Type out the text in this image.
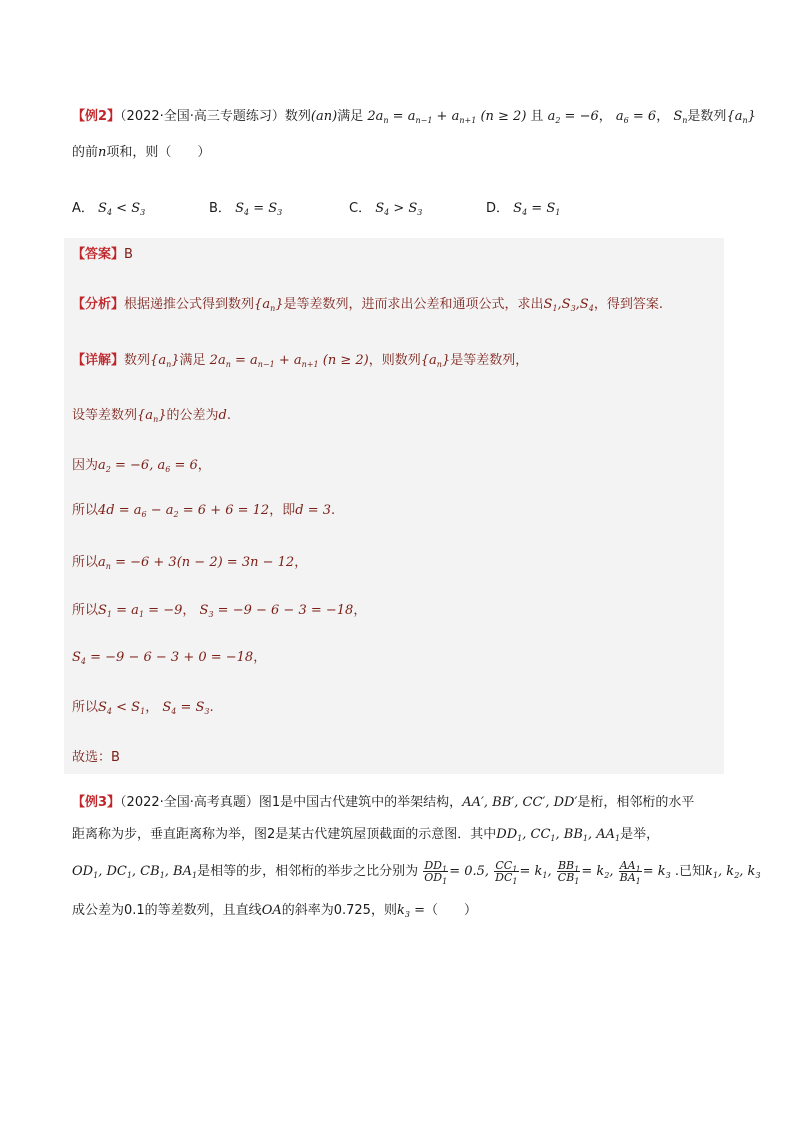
【例2】（2022·全国·高三专题练习）数列(an)满足 $2a_n = a_{n-1} + a_{n+1}$ (n ≥ 2) 且 $a_2 = -6$， $a_6 = 6$， $S_n$是数列$\{a_n\}$
的前n项和，则（　　）
A． $S_4 < S_3$	B． $S_4 = S_3$	C． $S_4 > S_3$	D． $S_4 = S_1$
【答案】B
【分析】根据递推公式得到数列$\{a_n\}$是等差数列，进而求出公差和通项公式，求出$S_1,S_3,S_4$，得到答案.
【详解】数列$\{a_n\}$满足 $2a_n = a_{n-1} + a_{n+1}$ (n ≥ 2)，则数列$\{a_n\}$是等差数列，
设等差数列$\{a_n\}$的公差为d.
因为$a_2 = -6$, $a_6 = 6$，
所以$4d = a_6 - a_2 = 6 + 6 = 12$，即d = 3.
所以$a_n = -6 + 3(n - 2) = 3n - 12$，
所以$S_1 = a_1 = -9$， $S_3 = -9 - 6 - 3 = -18$，
$S_4 = -9 - 6 - 3 + 0 = -18$，
所以$S_4 < S_1$， $S_4 = S_3$.
故选：B
【例3】（2022·全国·高考真题）图1是中国古代建筑中的举架结构，AA′, BB′, CC′, DD′是桁，相邻桁的水平
距离称为步，垂直距离称为举，图2是某古代建筑屋顶截面的示意图．其中$DD_1$, $CC_1$, $BB_1$, $AA_1$是举，
$OD_1$, $DC_1$, $CB_1$, $BA_1$是相等的步，相邻桁的举步之比分别为 $\frac{DD_1}{OD_1} = 0.5$, $\frac{CC_1}{DC_1} = k_1$, $\frac{BB_1}{CB_1} = k_2$, $\frac{AA_1}{BA_1} = k_3$ .已知$k_1$, $k_2$, $k_3$
成公差为0.1的等差数列，且直线OA的斜率为0.725，则$k_3$ =（　　）
